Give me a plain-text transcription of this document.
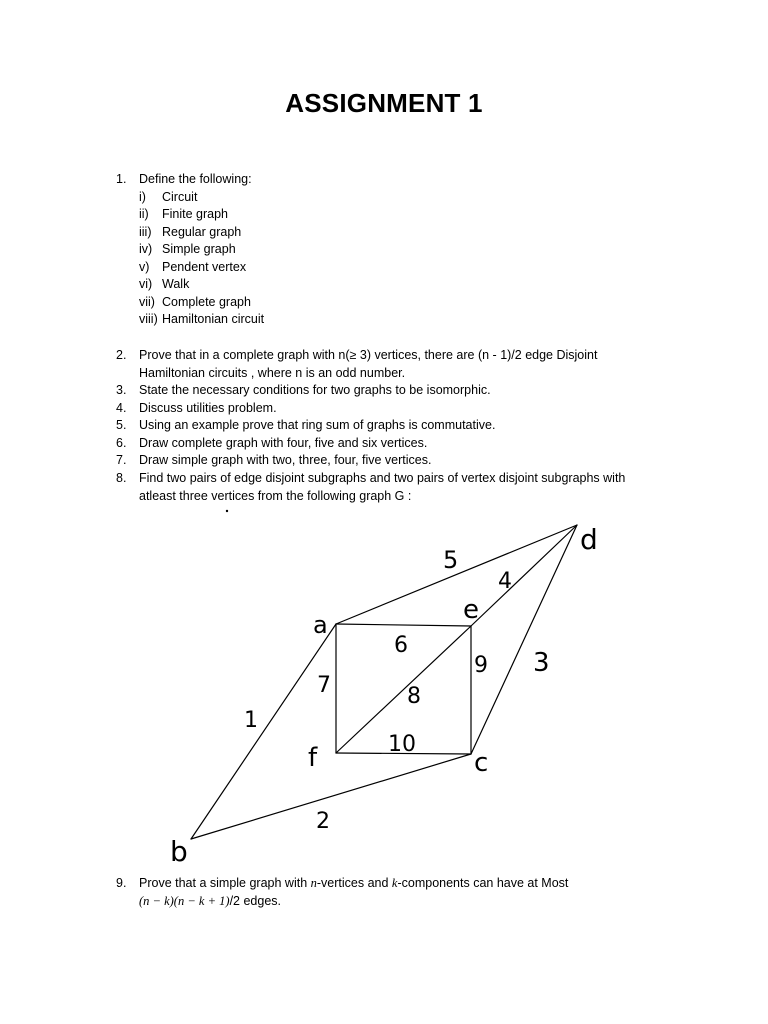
ASSIGNMENT 1
1.	Define the following:
i) Circuit
ii) Finite graph
iii) Regular graph
iv) Simple graph
v) Pendent vertex
vi) Walk
vii) Complete graph
viii) Hamiltonian circuit
2.	Prove that in a complete graph with n(≥ 3) vertices, there are (n - 1)/2 edge Disjoint Hamiltonian circuits , where n is an odd number.
3.	State the necessary conditions for two graphs to be isomorphic.
4.	Discuss utilities problem.
5.	Using an example prove that ring sum of graphs is commutative.
6.	Draw complete graph with four, five and six vertices.
7.	Draw simple graph with two, three, four, five vertices.
8.	Find two pairs of edge disjoint subgraphs and two pairs of vertex disjoint subgraphs with atleast three vertices from the following graph G :
a
b
c
d
e
f
1
2
3
4
5
6
7	8
9
10
9.	Prove that a simple graph with n-vertices and k-components can have at Most
(n − k)(n − k + 1)/2 edges.
